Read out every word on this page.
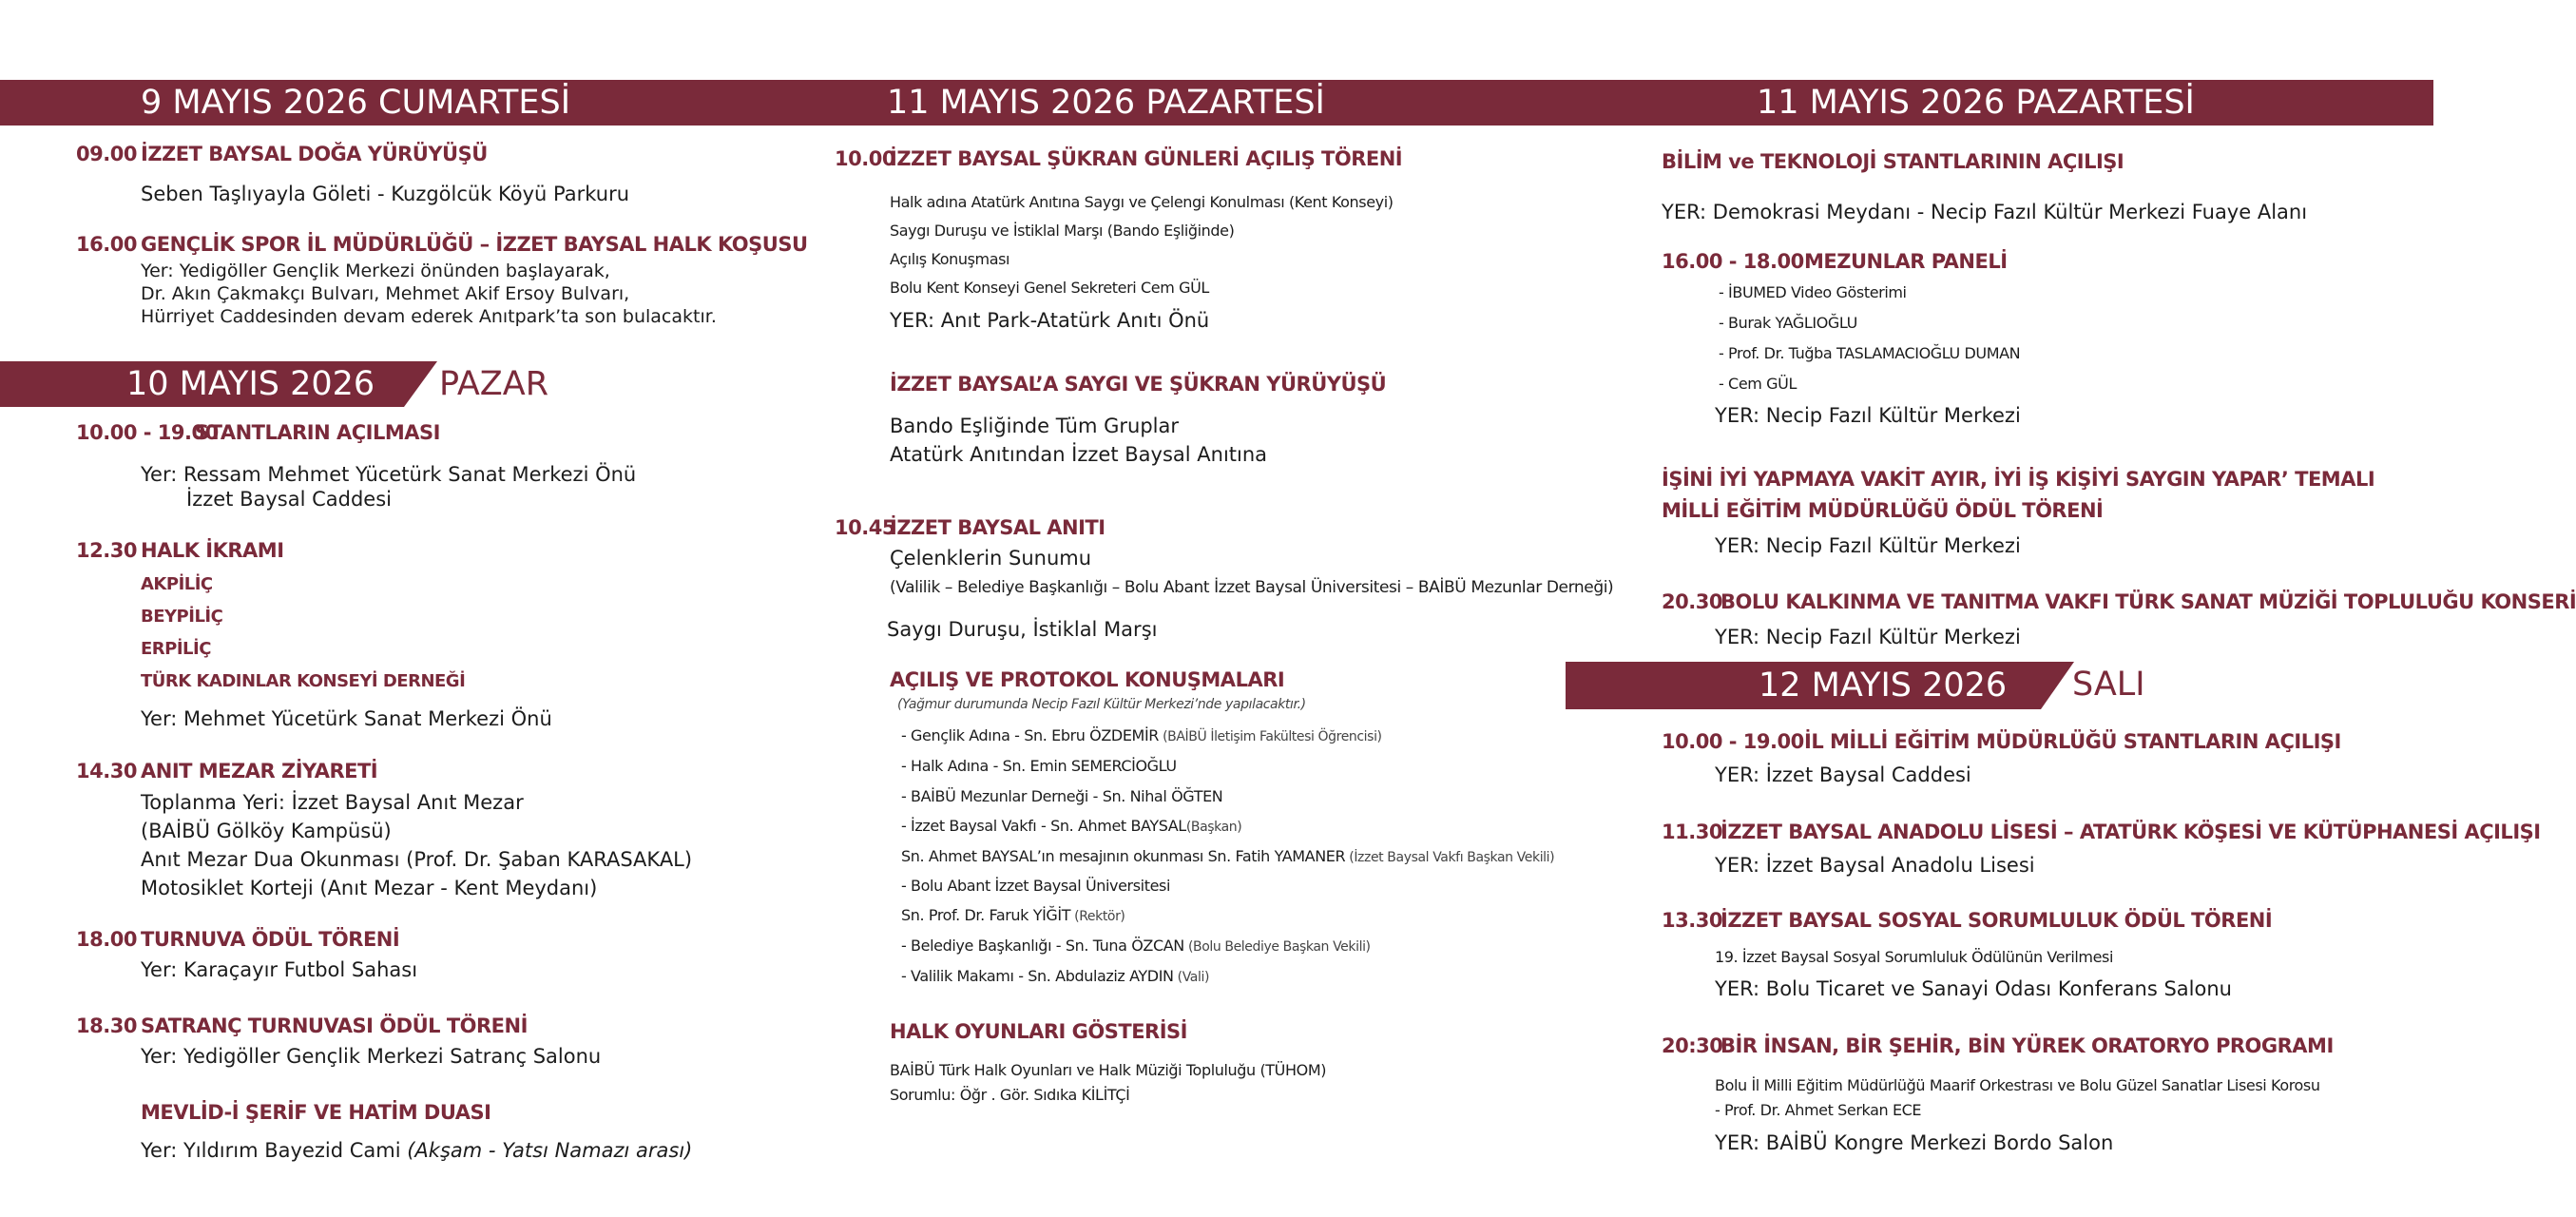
9 MAYIS 2026 CUMARTESİ
09.00 İZZET BAYSAL DOĞA YÜRÜYÜŞÜ
Seben Taşlıyayla Göleti - Kuzgölcük Köyü Parkuru
16.00 GENÇLİK SPOR İL MÜDÜRLÜĞÜ – İZZET BAYSAL HALK KOŞUSU
Yer: Yedigöller Gençlik Merkezi önünden başlayarak,
Dr. Akın Çakmakçı Bulvarı, Mehmet Akif Ersoy Bulvarı,
Hürriyet Caddesinden devam ederek Anıtpark’ta son bulacaktır.
10 MAYIS 2026 PAZAR
10.00 - 19.00
STANTLARIN AÇILMASI
Yer: Ressam Mehmet Yücetürk Sanat Merkezi Önü
İzzet Baysal Caddesi
12.30 HALK İKRAMI
AKPİLİÇ
BEYPİLİÇ
ERPİLİÇ
TÜRK KADINLAR KONSEYİ DERNEĞİ
Yer: Mehmet Yücetürk Sanat Merkezi Önü
14.30 ANIT MEZAR ZİYARETİ
Toplanma Yeri: İzzet Baysal Anıt Mezar
(BAİBÜ Gölköy Kampüsü)
Anıt Mezar Dua Okunması (Prof. Dr. Şaban KARASAKAL)
Motosiklet Korteji (Anıt Mezar - Kent Meydanı)
18.00 TURNUVA ÖDÜL TÖRENİ
Yer: Karaçayır Futbol Sahası
18.30 SATRANÇ TURNUVASI ÖDÜL TÖRENİ
Yer: Yedigöller Gençlik Merkezi Satranç Salonu
MEVLİD-İ ŞERİF VE HATİM DUASI
Yer: Yıldırım Bayezid Cami (Akşam - Yatsı Namazı arası)
11 MAYIS 2026 PAZARTESİ
10.00
İZZET BAYSAL ŞÜKRAN GÜNLERİ AÇILIŞ TÖRENİ
Halk adına Atatürk Anıtına Saygı ve Çelengi Konulması (Kent Konseyi)
Saygı Duruşu ve İstiklal Marşı (Bando Eşliğinde)
Açılış Konuşması
Bolu Kent Konseyi Genel Sekreteri Cem GÜL
YER: Anıt Park-Atatürk Anıtı Önü
İZZET BAYSAL’A SAYGI VE ŞÜKRAN YÜRÜYÜŞÜ
Bando Eşliğinde Tüm Gruplar
Atatürk Anıtından İzzet Baysal Anıtına
10.45
İZZET BAYSAL ANITI
Çelenklerin Sunumu
(Valilik – Belediye Başkanlığı – Bolu Abant İzzet Baysal Üniversitesi – BAİBÜ Mezunlar Derneği)
Saygı Duruşu, İstiklal Marşı
AÇILIŞ VE PROTOKOL KONUŞMALARI
(Yağmur durumunda Necip Fazıl Kültür Merkezi’nde yapılacaktır.)
- Gençlik Adına - Sn. Ebru ÖZDEMİR (BAİBÜ İletişim Fakültesi Öğrencisi)
- Halk Adına - Sn. Emin SEMERCİOĞLU
- BAİBÜ Mezunlar Derneği - Sn. Nihal ÖĞTEN
- İzzet Baysal Vakfı - Sn. Ahmet BAYSAL(Başkan)
Sn. Ahmet BAYSAL’ın mesajının okunması Sn. Fatih YAMANER (İzzet Baysal Vakfı Başkan Vekili)
- Bolu Abant İzzet Baysal Üniversitesi
Sn. Prof. Dr. Faruk YİĞİT (Rektör)
- Belediye Başkanlığı - Sn. Tuna ÖZCAN (Bolu Belediye Başkan Vekili)
- Valilik Makamı - Sn. Abdulaziz AYDIN (Vali)
HALK OYUNLARI GÖSTERİSİ
BAİBÜ Türk Halk Oyunları ve Halk Müziği Topluluğu (TÜHOM)
Sorumlu: Öğr . Gör. Sıdıka KİLİTÇİ
11 MAYIS 2026 PAZARTESİ
BİLİM ve TEKNOLOJİ STANTLARININ AÇILIŞI
YER: Demokrasi Meydanı - Necip Fazıl Kültür Merkezi Fuaye Alanı
16.00 - 18.00 MEZUNLAR PANELİ
- İBUMED Video Gösterimi
- Burak YAĞLIOĞLU
- Prof. Dr. Tuğba TASLAMACIOĞLU DUMAN
- Cem GÜL
YER: Necip Fazıl Kültür Merkezi
İŞİNİ İYİ YAPMAYA VAKİT AYIR, İYİ İŞ KİŞİYİ SAYGIN YAPAR’ TEMALI
MİLLİ EĞİTİM MÜDÜRLÜĞÜ ÖDÜL TÖRENİ
YER: Necip Fazıl Kültür Merkezi
20.30
BOLU KALKINMA VE TANITMA VAKFI TÜRK SANAT MÜZİĞİ TOPLULUĞU KONSERİ
YER: Necip Fazıl Kültür Merkezi
12 MAYIS 2026 SALI
10.00 - 19.00 İL MİLLİ EĞİTİM MÜDÜRLÜĞÜ STANTLARIN AÇILIŞI
YER: İzzet Baysal Caddesi
11.30
İZZET BAYSAL ANADOLU LİSESİ – ATATÜRK KÖŞESİ VE KÜTÜPHANESİ AÇILIŞI
YER: İzzet Baysal Anadolu Lisesi
13.30
İZZET BAYSAL SOSYAL SORUMLULUK ÖDÜL TÖRENİ
19. İzzet Baysal Sosyal Sorumluluk Ödülünün Verilmesi
YER: Bolu Ticaret ve Sanayi Odası Konferans Salonu
20:30
BİR İNSAN, BİR ŞEHİR, BİN YÜREK ORATORYO PROGRAMI
Bolu İl Milli Eğitim Müdürlüğü Maarif Orkestrası ve Bolu Güzel Sanatlar Lisesi Korosu
- Prof. Dr. Ahmet Serkan ECE
YER: BAİBÜ Kongre Merkezi Bordo Salon
